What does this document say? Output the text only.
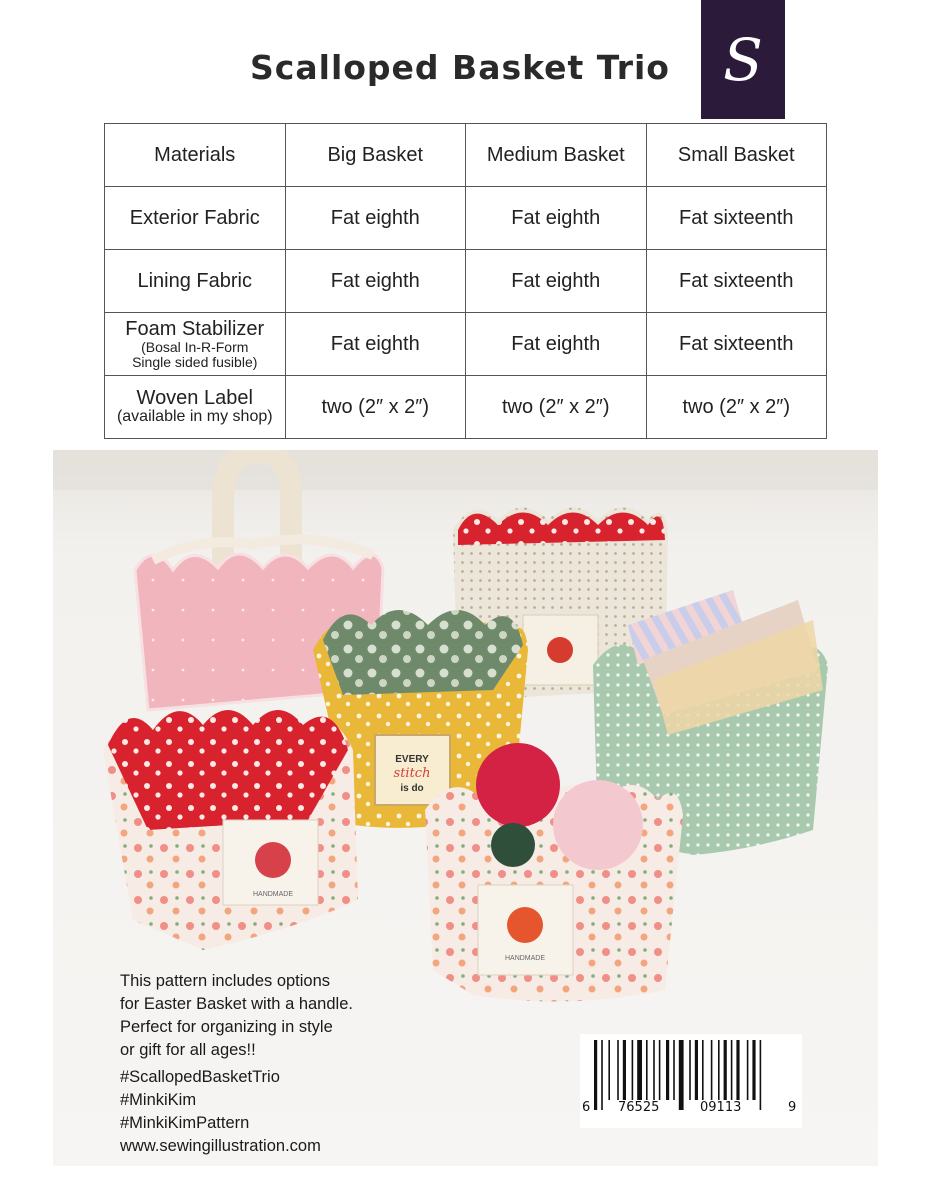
Scalloped Basket Trio S
Materials	Big Basket	Medium Basket	Small Basket
Exterior Fabric	Fat eighth	Fat eighth	Fat sixteenth
Lining Fabric	Fat eighth	Fat eighth	Fat sixteenth

Foam Stabilizer
(Bosal In-R-Form
Single sided fusible)	Fat eighth	Fat eighth	Fat sixteenth

Woven Label
(available in my shop)	two (2″ x 2″)	two (2″ x 2″)	two (2″ x 2″)
EVERY
stitch
is do
HANDMADE
HANDMADE
This pattern includes options
for Easter Basket with a handle.
Perfect for organizing in style
or gift for all ages!!
#ScallopedBasketTrio
#MinkiKim
#MinkiKimPattern
www.sewingillustration.com
6 76525	09113	9
